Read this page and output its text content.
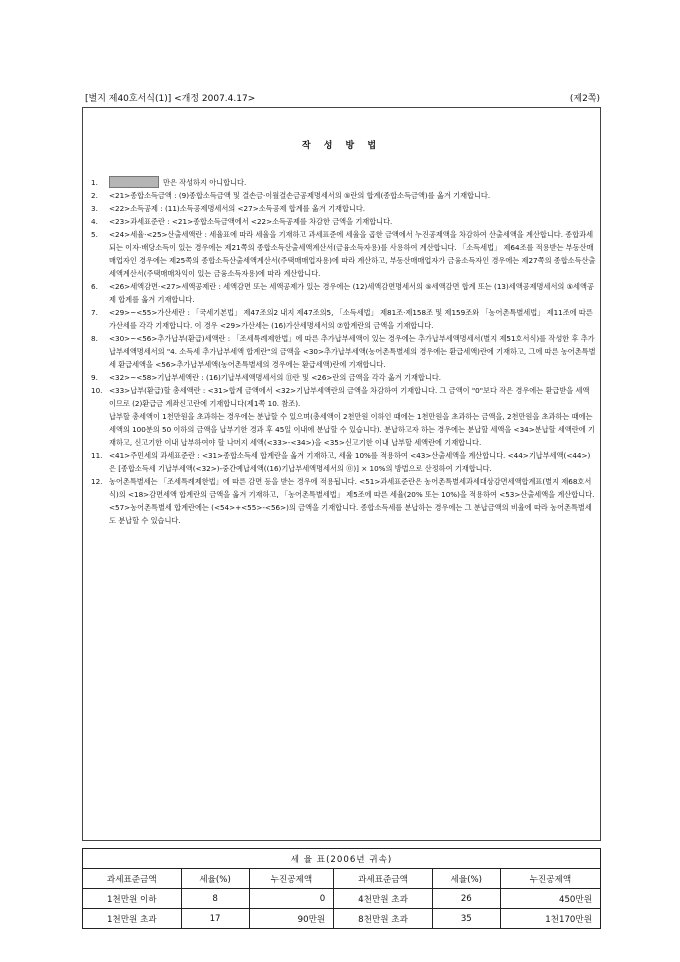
[별지 제40호서식(1)] <개정 2007.4.17>	(제2쪽)
작 성 방 법
1.	만은 작성하지 아니합니다.

2. <21>종합소득금액 : (9)종합소득금액 및 결손금·이월결손금공제명세서의 ⑤란의 합계(종합소득금액)를 옮겨 기재합니다.

3. <22>소득공제 : (11)소득공제명세서의 <27>소득공제 합계를 옮겨 기재합니다.

4. <23>과세표준란 : <21>종합소득금액에서 <22>소득공제를 차감한 금액을 기재합니다.

5. <24>세율·<25>산출세액란 : 세율표에 따라 세율을 기재하고 과세표준에 세율을 곱한 금액에서 누진공제액을 차감하여 산출세액을 계산합니다. 종합과세되는 이자·배당소득이 있는 경우에는 제21쪽의 종합소득산출세액계산서(금융소득자용)를 사용하여 계산합니다. 「소득세법」 제64조를 적용받는 부동산매매업자인 경우에는 제25쪽의 종합소득산출세액계산서(주택매매업자용)에 따라 계산하고, 부동산매매업자가 금융소득자인 경우에는 제27쪽의 종합소득산출세액계산서(주택매매차익이 있는 금융소득자용)에 따라 계산합니다.

6. <26>세액감면·<27>세액공제란 : 세액감면 또는 세액공제가 있는 경우에는 (12)세액감면명세서의 ⑤세액감면 합계 또는 (13)세액공제명세서의 ⑤세액공제 합계를 옮겨 기재합니다.

7. <29>~<55>가산세란 : 「국세기본법」 제47조의2 내지 제47조의5, 「소득세법」 제81조·제158조 및 제159조와 「농어촌특별세법」 제11조에 따른 가산세를 각각 기재합니다. 이 경우 <29>가산세는 (16)가산세명세서의 ⑦합계란의 금액을 기재합니다.

8. <30>~<56>추가납부(환급)세액란 : 「조세특례제한법」에 따른 추가납부세액이 있는 경우에는 추가납부세액명세서(별지 제51호서식)를 작성한 후 추가납부세액명세서의 "4. 소득세 추가납부세액 합계란"의 금액을 <30>추가납부세액(농어촌특별세의 경우에는 환급세액)란에 기재하고, 그에 따른 농어촌특별세 환급세액을 <56>추가납부세액(농어촌특별세의 경우에는 환급세액)란에 기재합니다.

9. <32>~<58>기납부세액란 : (16)기납부세액명세서의 ⑪란 및 <26>란의 금액을 각각 옮겨 기재합니다.

10. <33>납부(환급)할 총세액란 : <31>합계 금액에서 <32>기납부세액란의 금액을 차감하여 기재합니다. 그 금액이 "0"보다 작은 경우에는 환급받을 세액이므로 (2)환급금 계좌신고란에 기재합니다(제1쪽 10. 참조).

납부할 총세액이 1천만원을 초과하는 경우에는 분납할 수 있으며(총세액이 2천만원 이하인 때에는 1천만원을 초과하는 금액을, 2천만원을 초과하는 때에는 세액의 100분의 50 이하의 금액을 납부기한 경과 후 45일 이내에 분납할 수 있습니다). 분납하고자 하는 경우에는 분납할 세액을 <34>분납할 세액란에 기재하고, 신고기한 이내 납부하여야 할 나머지 세액(<33>-<34>)을 <35>신고기한 이내 납부할 세액란에 기재합니다.

11. <41>주민세의 과세표준란 : <31>종합소득세 합계란을 옮겨 기재하고, 세율 10%를 적용하여 <43>산출세액을 계산합니다. <44>기납부세액(<44>)은 [종합소득세 기납부세액(<32>)-중간예납세액((16)기납부세액명세서의 ⓪)] × 10%의 방법으로 산정하여 기재합니다.

12. 농어촌특별세는 「조세특례제한법」에 따른 감면 등을 받는 경우에 적용됩니다. <51>과세표준란은 농어촌특별세과세대상감면세액합계표(별지 제68호서식)의 <18>감면세액 합계란의 금액을 옮겨 기재하고, 「농어촌특별세법」 제5조에 따른 세율(20% 또는 10%)을 적용하여 <53>산출세액을 계산합니다. <57>농어촌특별세 합계란에는 (<54>+<55>-<56>)의 금액을 기재합니다. 종합소득세를 분납하는 경우에는 그 분납금액의 비율에 따라 농어촌특별세도 분납할 수 있습니다.

세 율 표(2006년 귀속)					
과세표준금액	세율(%)	누진공제액	과세표준금액	세율(%)	누진공제액
1천만원 이하	8	0	4천만원 초과	26	450만원
1천만원 초과	17	90만원	8천만원 초과	35	1천170만원
